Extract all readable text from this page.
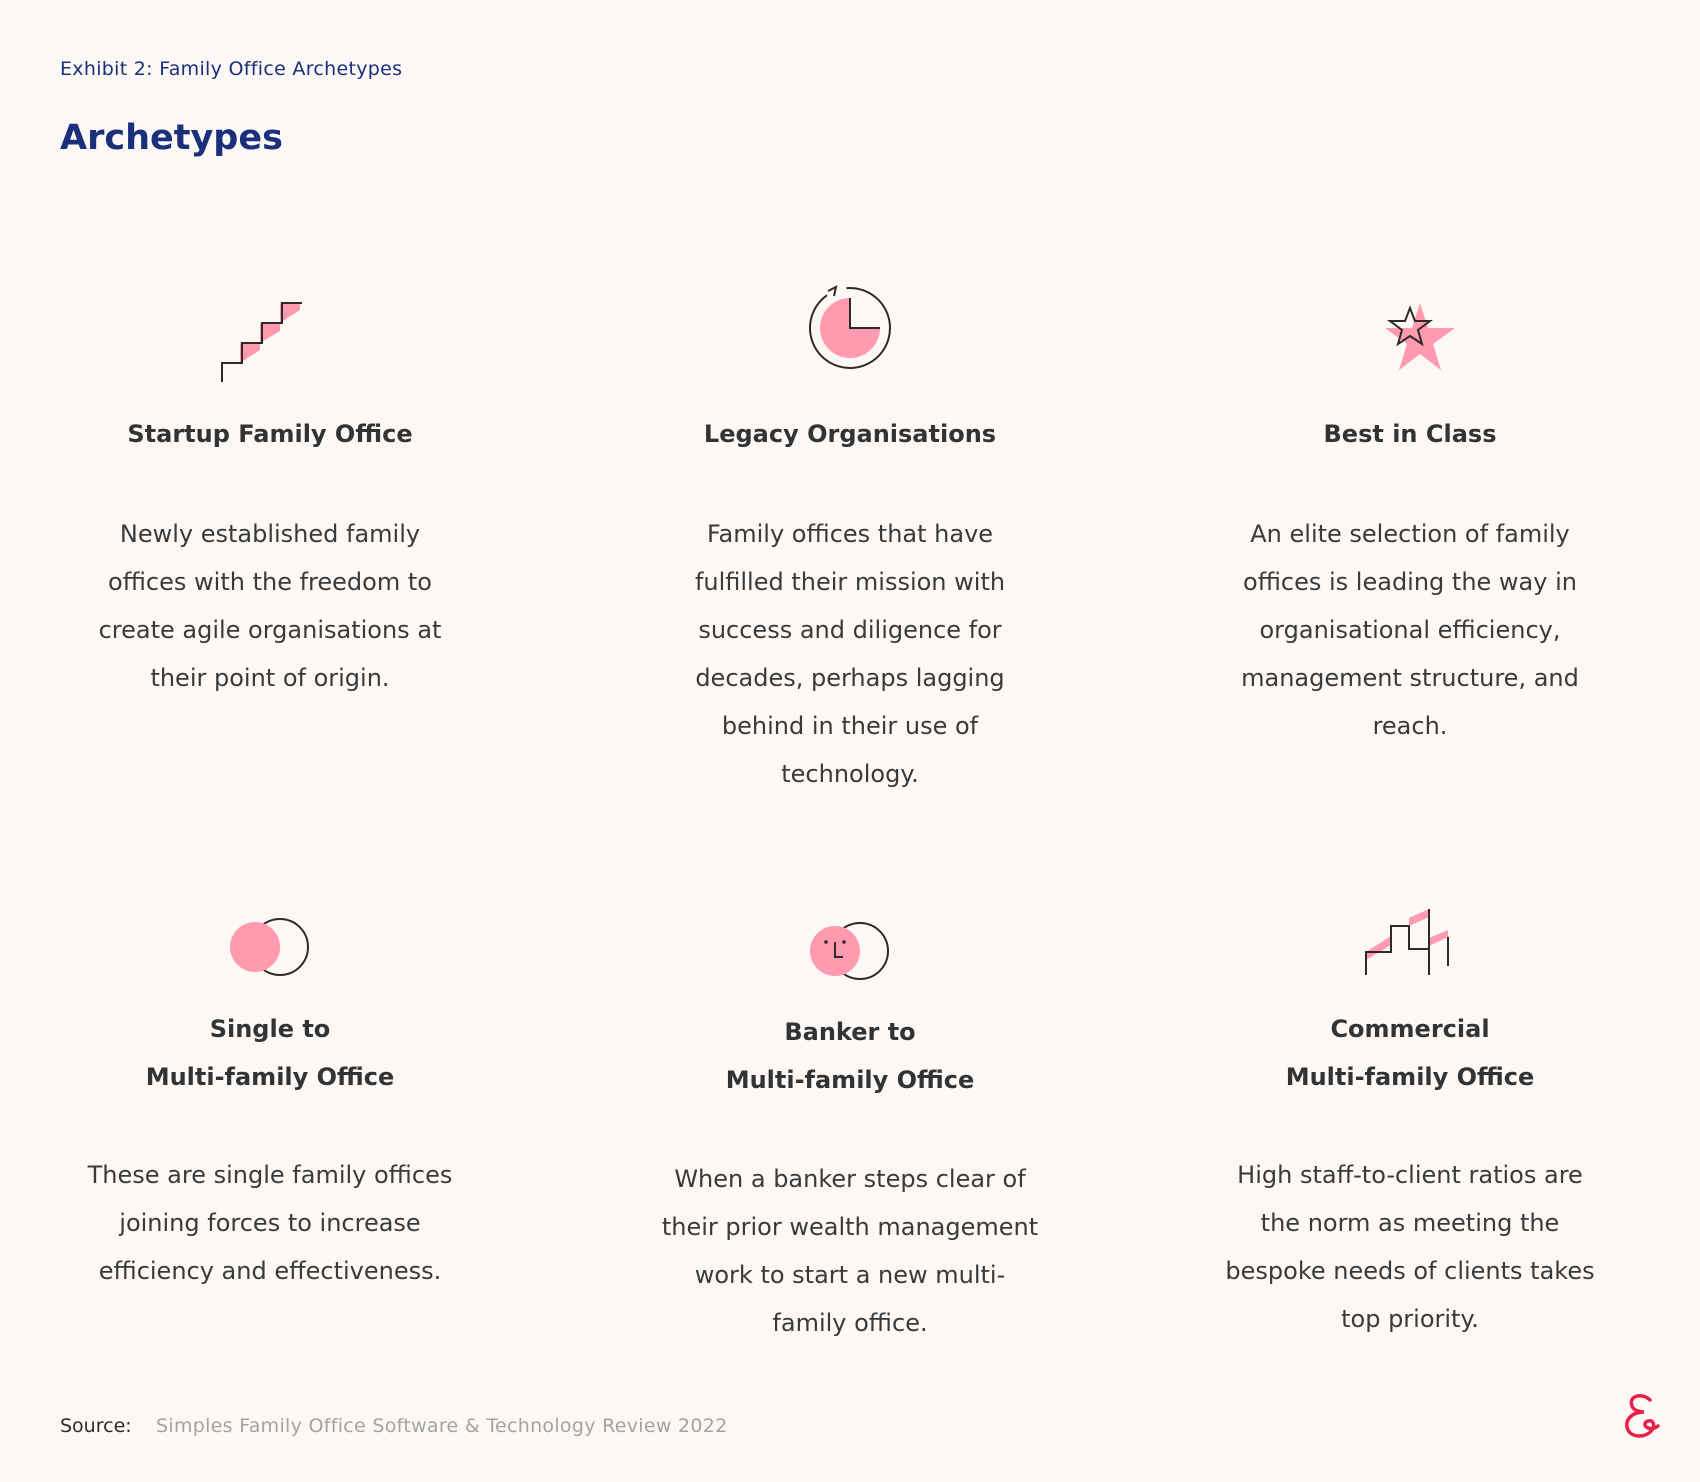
Exhibit 2: Family Office Archetypes
Archetypes
Startup Family Office
Newly established family offices with the freedom to create agile organisations at their point of origin.
Legacy Organisations
Family offices that have fulfilled their mission with success and diligence for decades, perhaps lagging behind in their use of technology.
Best in Class
An elite selection of family offices is leading the way in organisational efficiency, management structure, and reach.
Single to
Multi-family Office
These are single family offices joining forces to increase efficiency and effectiveness.
Banker to
Multi-family Office
When a banker steps clear of their prior wealth management work to start a new multi-family office.
Commercial
Multi-family Office
High staff-to-client ratios are the norm as meeting the bespoke needs of clients takes top priority.
Source: Simples Family Office Software & Technology Review 2022
